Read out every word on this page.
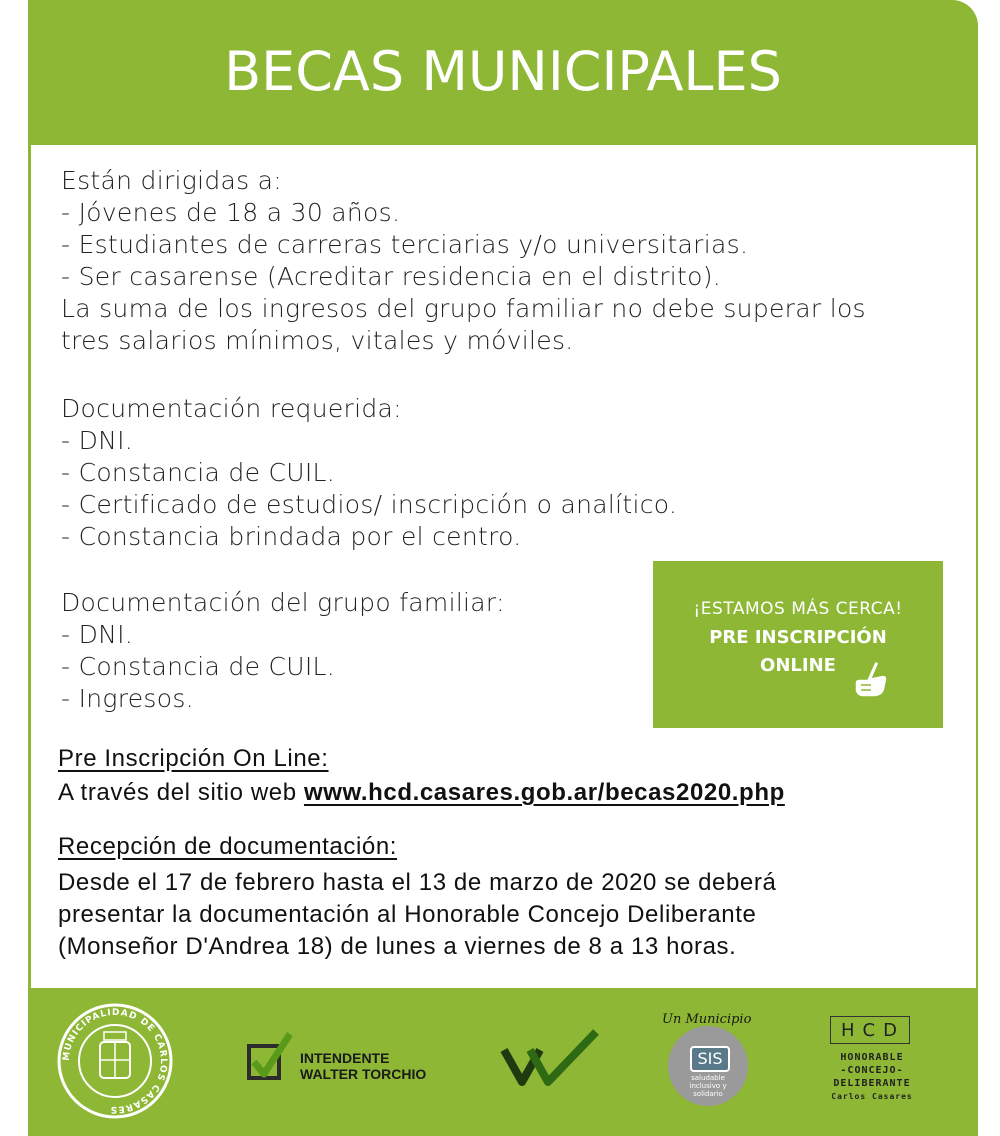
BECAS MUNICIPALES
Están dirigidas a:
- Jóvenes de 18 a 30 años.
- Estudiantes de carreras terciarias y/o universitarias.
- Ser casarense (Acreditar residencia en el distrito).
La suma de los ingresos del grupo familiar no debe superar los
tres salarios mínimos, vitales y móviles.
Documentación requerida:
- DNI.
- Constancia de CUIL.
- Certificado de estudios/ inscripción o analítico.
- Constancia brindada por el centro.
Documentación del grupo familiar:
- DNI.
- Constancia de CUIL.
- Ingresos.
¡ESTAMOS MÁS CERCA!
PRE INSCRIPCIÓN
ONLINE
Pre Inscripción On Line:
A través del sitio web www.hcd.casares.gob.ar/becas2020.php
Recepción de documentación:
Desde el 17 de febrero hasta el 13 de marzo de 2020 se deberá
presentar la documentación al Honorable Concejo Deliberante
(Monseñor D'Andrea 18) de lunes a viernes de 8 a 13 horas.
MUNICIPALIDAD DE CARLOS CASARES
INTENDENTE
WALTER TORCHIO
Un Municipio
SIS
saludable inclusivo y solidario
HCD
HONORABLE
-CONCEJO-
DELIBERANTE
Carlos Casares
